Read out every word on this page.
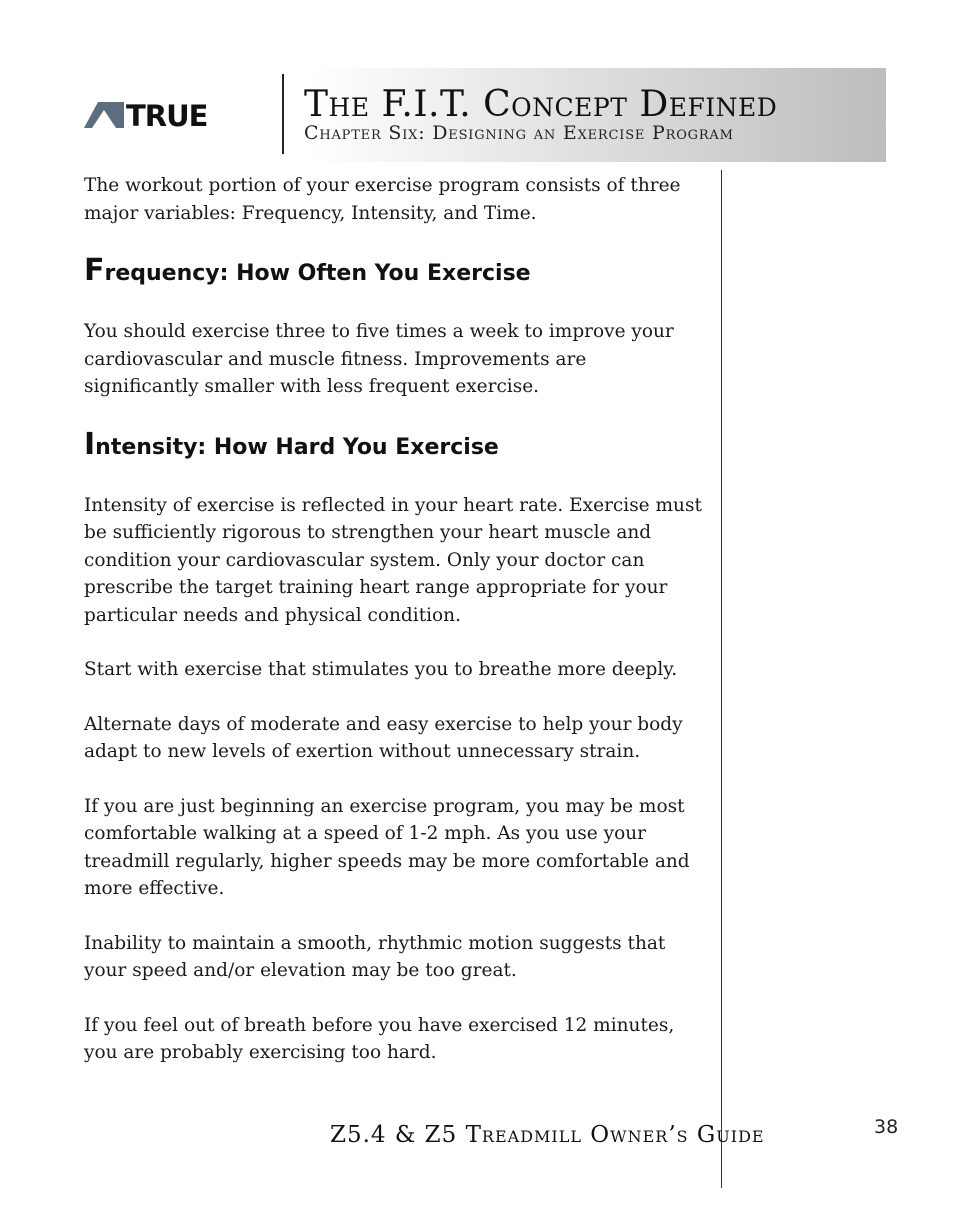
TRUE	The F.I.T. Concept Defined
Chapter Six: Designing an Exercise Program

The workout portion of your exercise program consists of three major variables: Frequency, Intensity, and Time.

Frequency: How Often You Exercise

You should exercise three to five times a week to improve your cardiovascular and muscle fitness. Improvements are significantly smaller with less frequent exercise.

Intensity: How Hard You Exercise

Intensity of exercise is reflected in your heart rate. Exercise must be sufficiently rigorous to strengthen your heart muscle and condition your cardiovascular system. Only your doctor can prescribe the target training heart range appropriate for your particular needs and physical condition.

Start with exercise that stimulates you to breathe more deeply.

Alternate days of moderate and easy exercise to help your body adapt to new levels of exertion without unnecessary strain.

If you are just beginning an exercise program, you may be most comfortable walking at a speed of 1-2 mph. As you use your treadmill regularly, higher speeds may be more comfortable and more effective.

Inability to maintain a smooth, rhythmic motion suggests that your speed and/or elevation may be too great.

If you feel out of breath before you have exercised 12 minutes, you are probably exercising too hard.

Z5.4 & Z5 Treadmill Owner’s Guide	38
